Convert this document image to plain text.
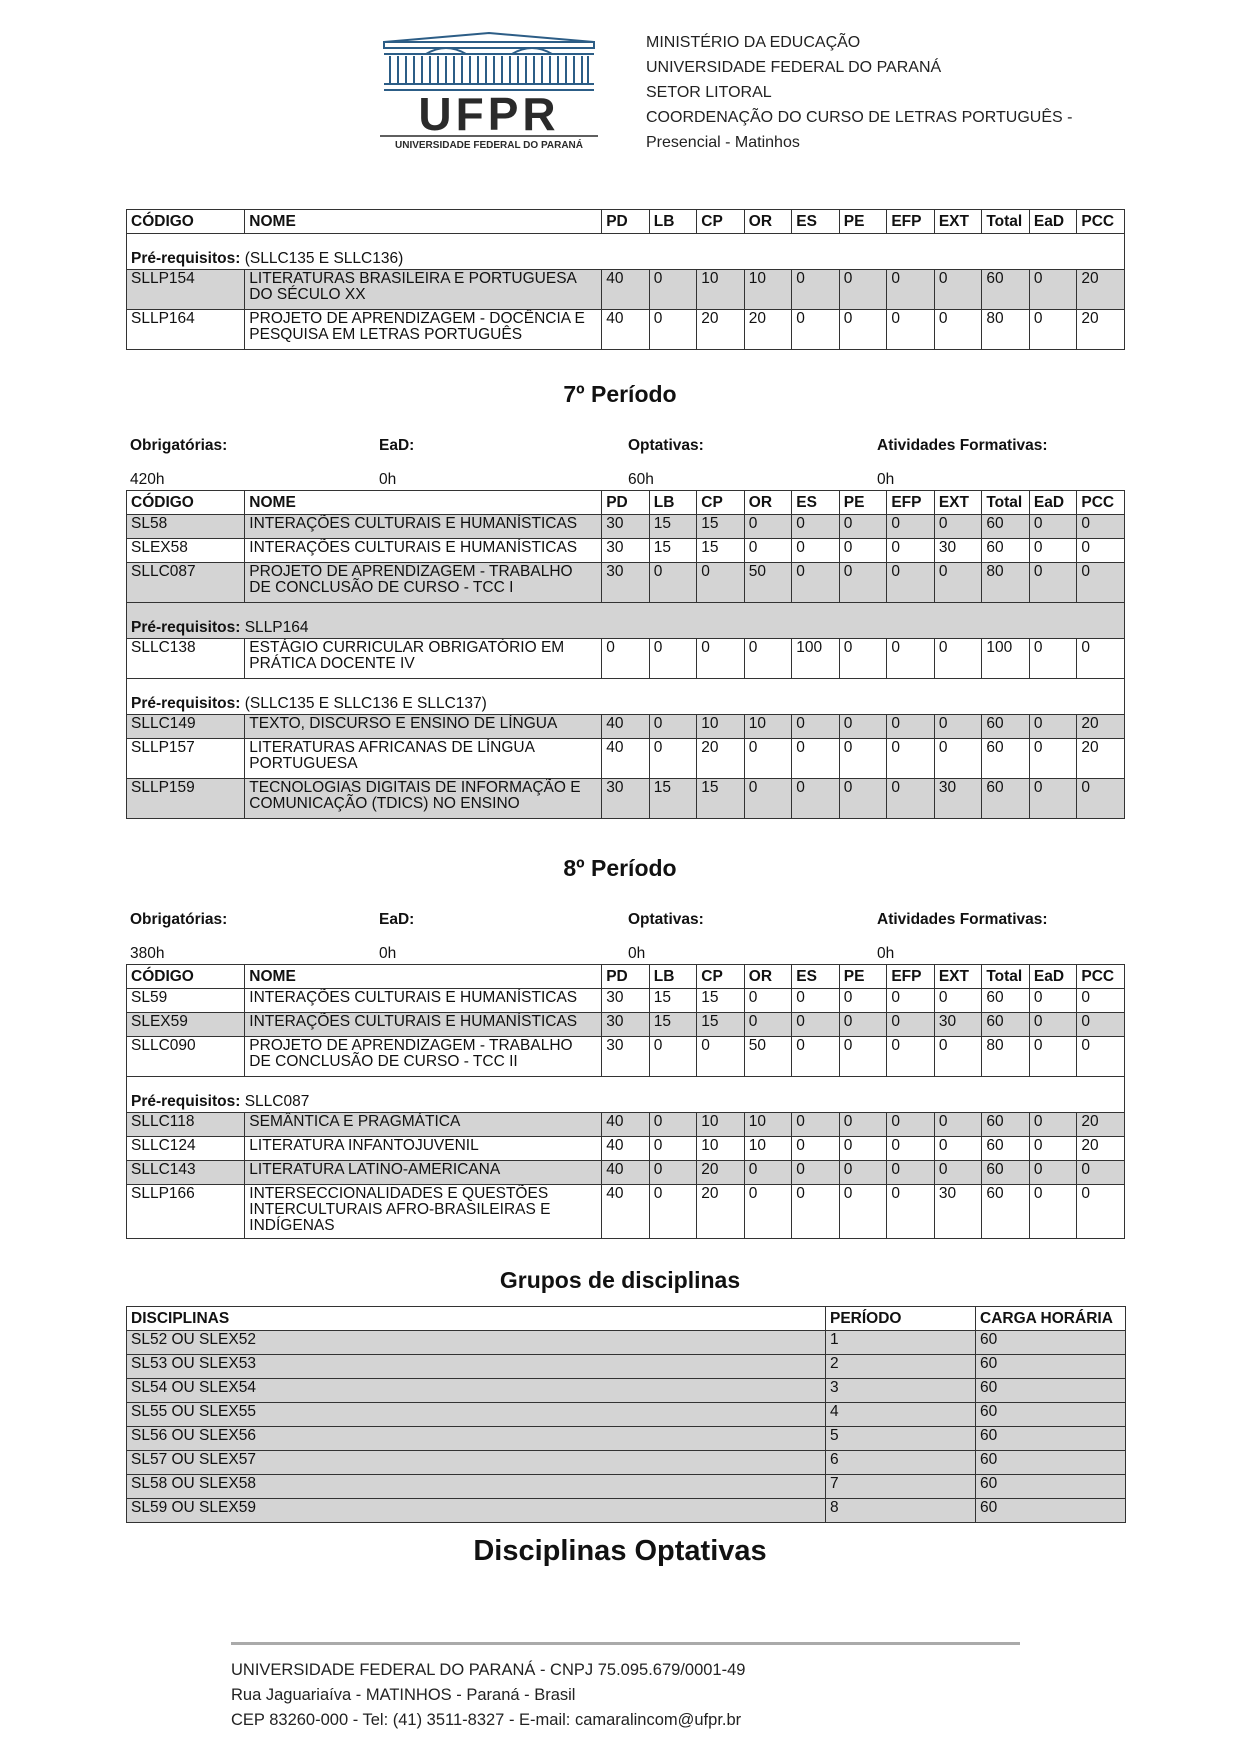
UFPR
UNIVERSIDADE FEDERAL DO PARANÁ
MINISTÉRIO DA EDUCAÇÃO
UNIVERSIDADE FEDERAL DO PARANÁ
SETOR LITORAL
COORDENAÇÃO DO CURSO DE LETRAS PORTUGUÊS -
Presencial - Matinhos
CÓDIGO	NOME	PD	LB	CP	OR	ES	PE	EFP	EXT	Total	EaD	PCC
Pré-requisitos: (SLLC135 E SLLC136)												
SLLP154	LITERATURAS BRASILEIRA E PORTUGUESA DO SÉCULO XX	40	0	10	10	0	0	0	0	60	0	20
SLLP164	PROJETO DE APRENDIZAGEM - DOCÊNCIA E PESQUISA EM LETRAS PORTUGUÊS	40	0	20	20	0	0	0	0	80	0	20
7º Período
Obrigatórias:	EaD:	Optativas:	Atividades Formativas:
420h	0h	60h	0h
CÓDIGO	NOME	PD	LB	CP	OR	ES	PE	EFP	EXT	Total	EaD	PCC
SL58	INTERAÇÕES CULTURAIS E HUMANÍSTICAS	30	15	15	0	0	0	0	0	60	0	0
SLEX58	INTERAÇÕES CULTURAIS E HUMANÍSTICAS	30	15	15	0	0	0	0	30	60	0	0
SLLC087	PROJETO DE APRENDIZAGEM - TRABALHO DE CONCLUSÃO DE CURSO - TCC I	30	0	0	50	0	0	0	0	80	0	0
Pré-requisitos: SLLP164												
SLLC138	ESTÁGIO CURRICULAR OBRIGATÓRIO EM PRÁTICA DOCENTE IV	0	0	0	0	100	0	0	0	100	0	0
Pré-requisitos: (SLLC135 E SLLC136 E SLLC137)												
SLLC149	TEXTO, DISCURSO E ENSINO DE LÍNGUA	40	0	10	10	0	0	0	0	60	0	20
SLLP157	LITERATURAS AFRICANAS DE LÍNGUA PORTUGUESA	40	0	20	0	0	0	0	0	60	0	20
SLLP159	TECNOLOGIAS DIGITAIS DE INFORMAÇÃO E COMUNICAÇÃO (TDICS) NO ENSINO	30	15	15	0	0	0	0	30	60	0	0
8º Período
Obrigatórias:	EaD:	Optativas:	Atividades Formativas:
380h	0h	0h	0h
CÓDIGO	NOME	PD	LB	CP	OR	ES	PE	EFP	EXT	Total	EaD	PCC
SL59	INTERAÇÕES CULTURAIS E HUMANÍSTICAS	30	15	15	0	0	0	0	0	60	0	0
SLEX59	INTERAÇÕES CULTURAIS E HUMANÍSTICAS	30	15	15	0	0	0	0	30	60	0	0
SLLC090	PROJETO DE APRENDIZAGEM - TRABALHO DE CONCLUSÃO DE CURSO - TCC II	30	0	0	50	0	0	0	0	80	0	0
Pré-requisitos: SLLC087												
SLLC118	SEMÂNTICA E PRAGMÁTICA	40	0	10	10	0	0	0	0	60	0	20
SLLC124	LITERATURA INFANTOJUVENIL	40	0	10	10	0	0	0	0	60	0	20
SLLC143	LITERATURA LATINO-AMERICANA	40	0	20	0	0	0	0	0	60	0	0
SLLP166	INTERSECCIONALIDADES E QUESTÕES INTERCULTURAIS AFRO-BRASILEIRAS E INDÍGENAS	40	0	20	0	0	0	0	30	60	0	0
Grupos de disciplinas
DISCIPLINAS	PERÍODO	CARGA HORÁRIA
SL52 OU SLEX52	1	60
SL53 OU SLEX53	2	60
SL54 OU SLEX54	3	60
SL55 OU SLEX55	4	60
SL56 OU SLEX56	5	60
SL57 OU SLEX57	6	60
SL58 OU SLEX58	7	60
SL59 OU SLEX59	8	60
Disciplinas Optativas
UNIVERSIDADE FEDERAL DO PARANÁ - CNPJ 75.095.679/0001-49
Rua Jaguariaíva - MATINHOS - Paraná - Brasil
CEP 83260-000 - Tel: (41) 3511-8327 - E-mail: camaralincom@ufpr.br
